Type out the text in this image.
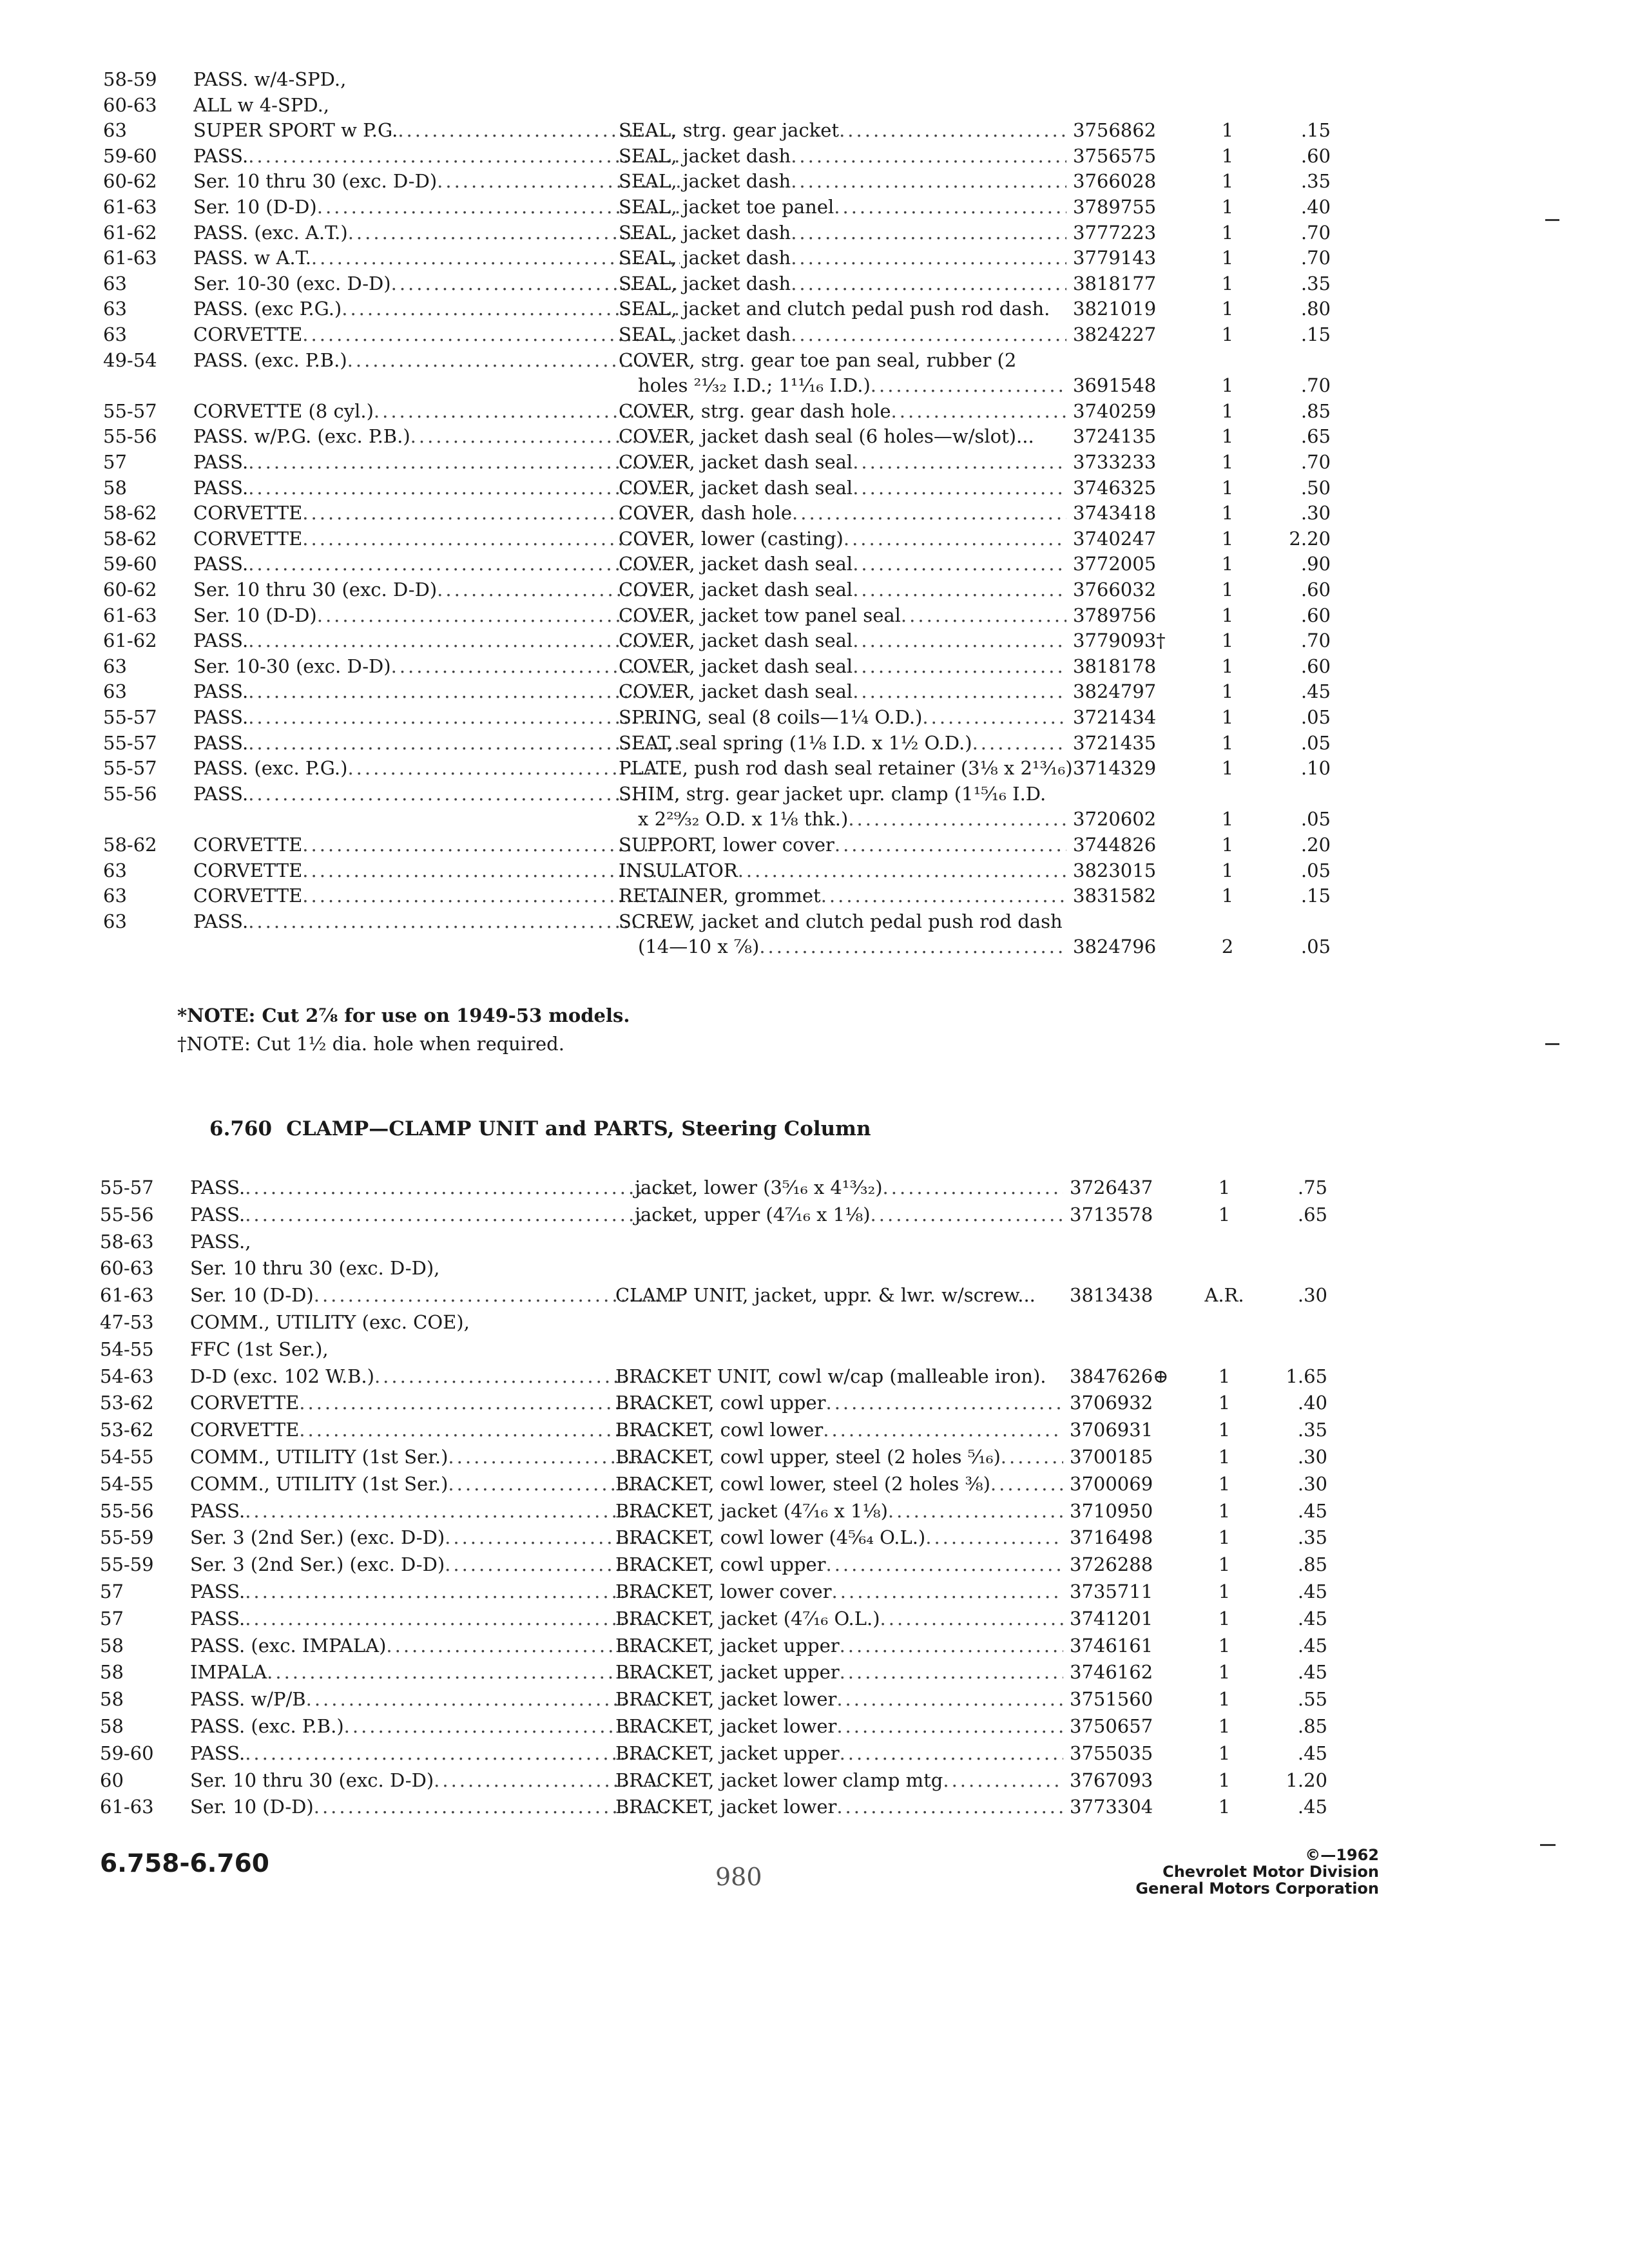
58-59	PASS. w/4-SPD.,
60-63	ALL w 4-SPD.,
63	SUPER SPORT w P.G. .....	SEAL, strg. gear jacket .....	3756862	1	.15
59-60	PASS. .....	SEAL, jacket dash .....	3756575	1	.60
60-62	Ser. 10 thru 30 (exc. D-D) .....	SEAL, jacket dash .....	3766028	1	.35
61-63	Ser. 10 (D-D) .....	SEAL, jacket toe panel .....	3789755	1	.40
61-62	PASS. (exc. A.T.) .....	SEAL, jacket dash .....	3777223	1	.70
61-63	PASS. w A.T. .....	SEAL, jacket dash .....	3779143	1	.70
63	Ser. 10-30 (exc. D-D) .....	SEAL, jacket dash .....	3818177	1	.35
63	PASS. (exc P.G.) .....	SEAL, jacket and clutch pedal push rod dash.	3821019	1	.80
63	CORVETTE .....	SEAL, jacket dash .....	3824227	1	.15
49-54	PASS. (exc. P.B.) .....	COVER, strg. gear toe pan seal, rubber (2
holes ²¹⁄₃₂ I.D.; 1¹¹⁄₁₆ I.D.) .....	3691548	1	.70
55-57	CORVETTE (8 cyl.) .....	COVER, strg. gear dash hole .....	3740259	1	.85
55-56	PASS. w/P.G. (exc. P.B.) .....	COVER, jacket dash seal (6 holes—w/slot)...	3724135	1	.65
57	PASS. .....	COVER, jacket dash seal .....	3733233	1	.70
58	PASS. .....	COVER, jacket dash seal .....	3746325	1	.50
58-62	CORVETTE .....	COVER, dash hole .....	3743418	1	.30
58-62	CORVETTE .....	COVER, lower (casting) .....	3740247	1	2.20
59-60	PASS. .....	COVER, jacket dash seal .....	3772005	1	.90
60-62	Ser. 10 thru 30 (exc. D-D) .....	COVER, jacket dash seal .....	3766032	1	.60
61-63	Ser. 10 (D-D) .....	COVER, jacket tow panel seal .....	3789756	1	.60
61-62	PASS. .....	COVER, jacket dash seal .....	3779093†	1	.70
63	Ser. 10-30 (exc. D-D) .....	COVER, jacket dash seal .....	3818178	1	.60
63	PASS. .....	COVER, jacket dash seal .....	3824797	1	.45
55-57	PASS. .....	SPRING, seal (8 coils—1¼ O.D.) .....	3721434	1	.05
55-57	PASS. .....	SEAT, seal spring (1⅛ I.D. x 1½ O.D.) .....	3721435	1	.05
55-57	PASS. (exc. P.G.) .....	PLATE, push rod dash seal retainer (3⅛ x 2¹³⁄₁₆) 3714329	1	.10
55-56	PASS. .....	SHIM, strg. gear jacket upr. clamp (1¹⁵⁄₁₆ I.D.
x 2²⁹⁄₃₂ O.D. x 1⅛ thk.) .....	3720602	1	.05
58-62	CORVETTE .....	SUPPORT, lower cover .....	3744826	1	.20
63	CORVETTE .....	INSULATOR .....	3823015	1	.05
63	CORVETTE .....	RETAINER, grommet .....	3831582	1	.15
63	PASS. .....	SCREW, jacket and clutch pedal push rod dash
(14—10 x ⅞) .....	3824796	2	.05
*NOTE: Cut 2⅞ for use on 1949-53 models.
†NOTE: Cut 1½ dia. hole when required.
6.760 CLAMP—CLAMP UNIT and PARTS, Steering Column
55-57	PASS. .....	jacket, lower (3⁵⁄₁₆ x 4¹³⁄₃₂) .....	3726437	1	.75
55-56	PASS. .....	jacket, upper (4⁷⁄₁₆ x 1⅛) .....	3713578	1	.65
58-63	PASS.,
60-63	Ser. 10 thru 30 (exc. D-D),
61-63	Ser. 10 (D-D) .....	CLAMP UNIT, jacket, uppr. & lwr. w/screw...	3813438	A.R.	.30
47-53	COMM., UTILITY (exc. COE),
54-55	FFC (1st Ser.),
54-63	D-D (exc. 102 W.B.) .....	BRACKET UNIT, cowl w/cap (malleable iron).	3847626⊕	1	1.65
53-62	CORVETTE .....	BRACKET, cowl upper .....	3706932	1	.40
53-62	CORVETTE .....	BRACKET, cowl lower .....	3706931	1	.35
54-55	COMM., UTILITY (1st Ser.) .....	BRACKET, cowl upper, steel (2 holes ⁵⁄₁₆) .....	3700185	1	.30
54-55	COMM., UTILITY (1st Ser.) .....	BRACKET, cowl lower, steel (2 holes ⅜) .....	3700069	1	.30
55-56	PASS. .....	BRACKET, jacket (4⁷⁄₁₆ x 1⅛) .....	3710950	1	.45
55-59	Ser. 3 (2nd Ser.) (exc. D-D) .....	BRACKET, cowl lower (4⁵⁄₆₄ O.L.) .....	3716498	1	.35
55-59	Ser. 3 (2nd Ser.) (exc. D-D) .....	BRACKET, cowl upper .....	3726288	1	.85
57	PASS. .....	BRACKET, lower cover .....	3735711	1	.45
57	PASS. .....	BRACKET, jacket (4⁷⁄₁₆ O.L.) .....	3741201	1	.45
58	PASS. (exc. IMPALA) .....	BRACKET, jacket upper .....	3746161	1	.45
58	IMPALA .....	BRACKET, jacket upper .....	3746162	1	.45
58	PASS. w/P/B .....	BRACKET, jacket lower .....	3751560	1	.55
58	PASS. (exc. P.B.) .....	BRACKET, jacket lower .....	3750657	1	.85
59-60	PASS. .....	BRACKET, jacket upper .....	3755035	1	.45
60	Ser. 10 thru 30 (exc. D-D) .....	BRACKET, jacket lower clamp mtg .....	3767093	1	1.20
61-63	Ser. 10 (D-D) .....	BRACKET, jacket lower .....	3773304	1	.45
6.758-6.760	980
©—1962
Chevrolet Motor Division
General Motors Corporation
